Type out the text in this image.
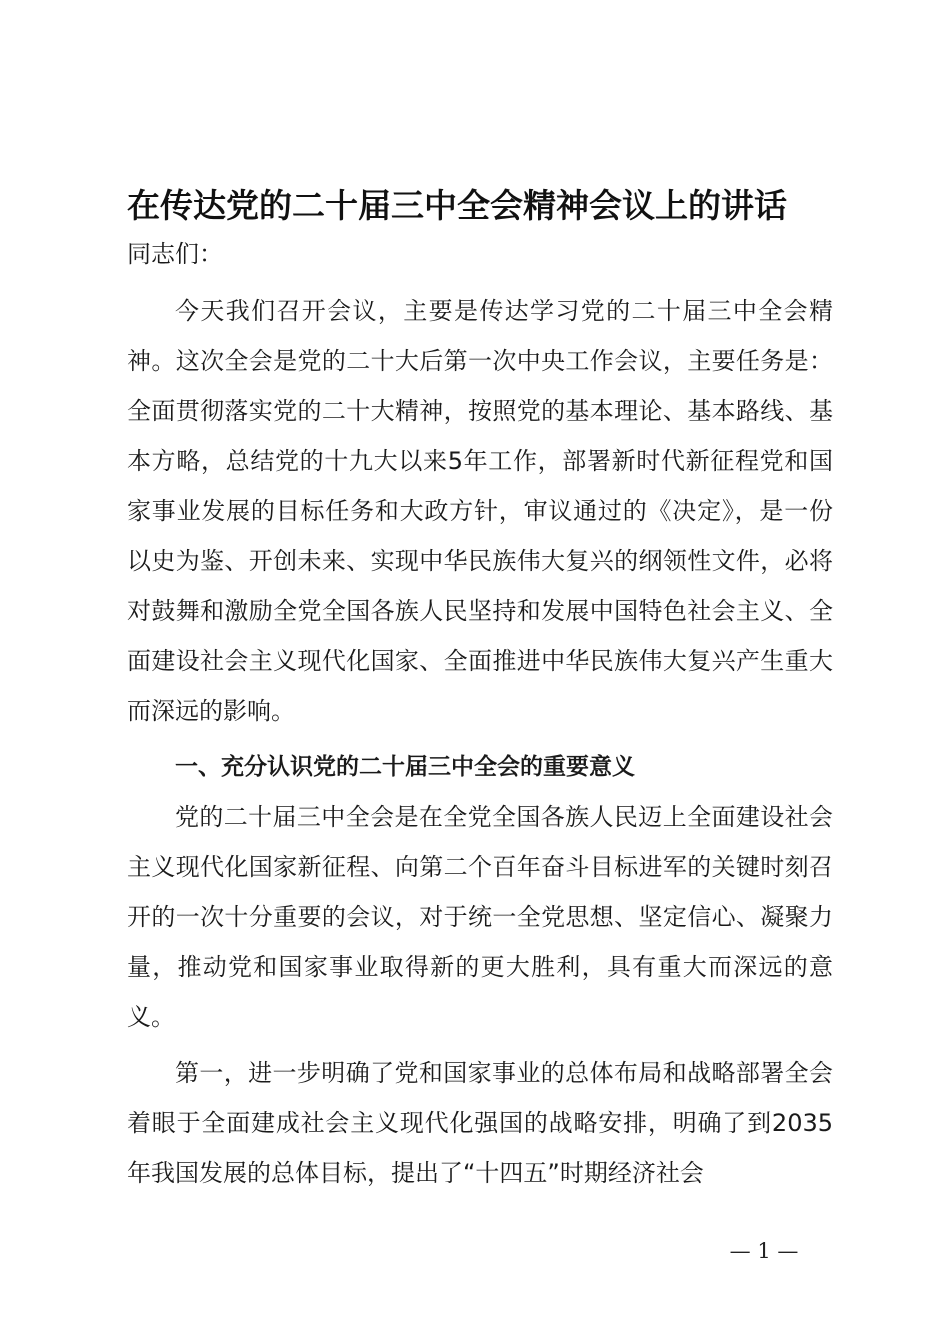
在传达党的二十届三中全会精神会议上的讲话

同志们：

今天我们召开会议，主要是传达学习党的二十届三中全会精神。这次全会是党的二十大后第一次中央工作会议，主要任务是：全面贯彻落实党的二十大精神，按照党的基本理论、基本路线、基本方略，总结党的十九大以来5年工作，部署新时代新征程党和国家事业发展的目标任务和大政方针，审议通过的《决定》，是一份以史为鉴、开创未来、实现中华民族伟大复兴的纲领性文件，必将对鼓舞和激励全党全国各族人民坚持和发展中国特色社会主义、全面建设社会主义现代化国家、全面推进中华民族伟大复兴产生重大而深远的影响。

一、充分认识党的二十届三中全会的重要意义

党的二十届三中全会是在全党全国各族人民迈上全面建设社会主义现代化国家新征程、向第二个百年奋斗目标进军的关键时刻召开的一次十分重要的会议，对于统一全党思想、坚定信心、凝聚力量，推动党和国家事业取得新的更大胜利，具有重大而深远的意义。

第一，进一步明确了党和国家事业的总体布局和战略部署全会着眼于全面建成社会主义现代化强国的战略安排，明确了到2035年我国发展的总体目标，提出了“十四五”时期经济社会

— 1 —
